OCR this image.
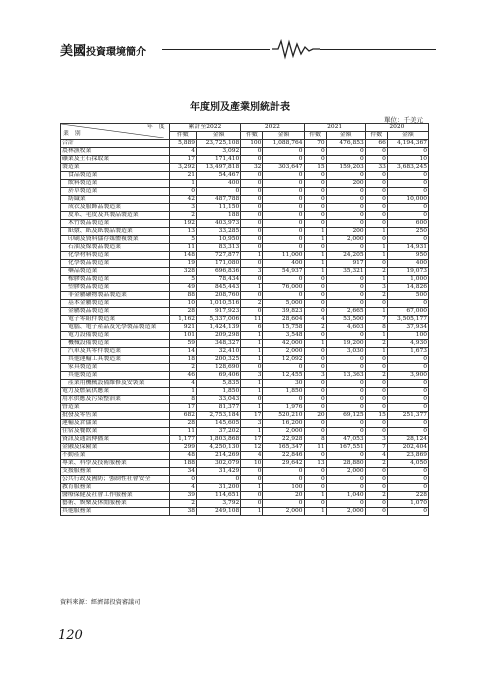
美國投資環境簡介
年度別及產業別統計表
單位：千美元
年　度
業　別	累計至2022		2022		2021		2020	
	件數	金額	件數	金額	件數	金額	件數	金額
合計	5,889	23,725,108	100	1,088,764	70	476,853	66	4,194,367
農林漁牧業	4	3,092	0	0	0	0	0	0
礦業及土石採取業	17	171,410	0	0	0	0	0	10
製造業	3,292	13,497,818	32	303,647	15	159,203	33	3,683,245
食品製造業	21	54,467	0	0	0	0	0	0
飲料製造業	1	400	0	0	0	200	0	0
菸草製造業	0	0	0	0	0	0	0	0
紡織業	42	487,788	0	0	0	0	0	10,000
成衣及服飾品製造業	3	11,150	0	0	0	0	0	0
皮革、毛皮及其製品製造業	2	188	0	0	0	0	0	0
木竹製品製造業	192	403,973	0	0	0	0	0	600
紙漿、紙及紙製品製造業	13	33,285	0	0	1	200	1	250
印刷及資料儲存媒體複製業	5	10,950	0	0	1	2,000	0	0
石油及煤製品製造業	11	83,313	0	0	0	0	1	14,931
化學材料製造業	148	727,877	1	11,000	1	24,205	1	950
化學製品製造業	19	171,080	0	400	1	917	0	400
藥品製造業	328	696,836	3	54,937	1	35,321	2	19,073
橡膠製品製造業	5	78,434	0	0	0	0	1	1,000
塑膠製品製造業	49	845,443	1	76,000	0	0	3	14,826
非金屬礦物製品製造業	88	208,760	0	0	0	0	2	500
基本金屬製造業	10	1,010,516	2	5,000	0	0	0	0
金屬製品製造業	28	917,923	0	39,823	0	2,665	1	67,000
電子零組件製造業	1,162	5,337,006	11	28,604	4	53,500	7	3,505,177
電腦、電子產品及光學製品製造業	921	1,424,139	6	15,758	2	4,603	8	37,934
電力設備製造業	101	209,298	1	3,548	0	0	1	100
機械設備製造業	59	348,327	1	42,000	1	19,200	2	4,930
汽車及其零件製造業	14	32,410	1	2,000	0	3,030	1	1,673
其他運輸工具製造業	18	200,325	1	12,092	0	0	0	0
家具製造業	2	128,690	0	0	0	0	0	0
其他製造業	46	69,406	3	12,455	3	13,363	2	3,900
產業用機械設備維修及安裝業	4	5,835	1	30	0	0	0	0
電力及燃氣供應業	1	1,850	1	1,850	0	0	0	0
用水供應及污染整治業	8	33,043	0	0	0	0	0	0
營造業	17	81,377	1	1,976	0	0	0	0
批發及零售業	682	2,753,184	17	520,210	20	69,125	15	251,377
運輸及倉儲業	28	145,605	3	16,200	0	0	0	0
住宿及餐飲業	11	37,202	1	2,000	0	0	0	0
資訊及通訊傳播業	1,177	1,803,868	17	22,928	8	47,053	3	28,124
金融及保險業	299	4,250,130	12	165,347	11	167,551	7	202,404
不動產業	48	214,269	4	22,846	0	0	4	23,869
專業、科學及技術服務業	188	302,079	10	29,642	13	28,880	2	4,050
支援服務業	34	31,429	0	0	0	2,000	0	0
公共行政及國防；強制性社會安全	0	0	0	0	0	0	0	0
教育服務業	4	31,200	1	100	0	0	0	0
醫療保健及社會工作服務業	39	114,651	0	20	1	1,040	2	228
藝術、娛樂及休閒服務業	2	3,792	0	0	0	0	0	1,070
其他服務業	38	249,108	1	2,000	1	2,000	0	0
資料來源：經濟部投資審議司
120
